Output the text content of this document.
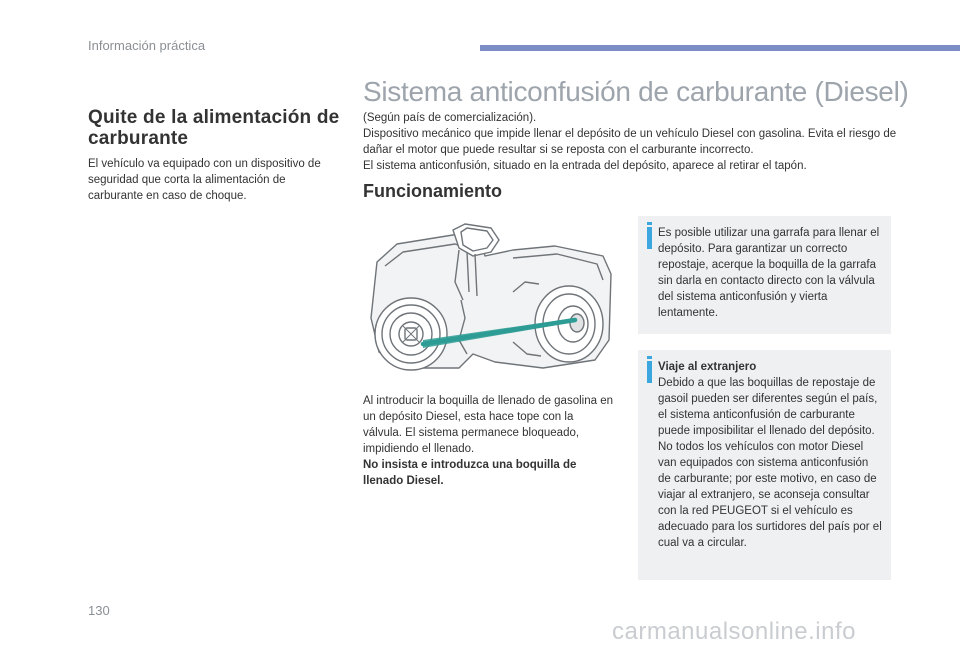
Información práctica
Quite de la alimentación de carburante

El vehículo va equipado con un dispositivo de seguridad que corta la alimentación de carburante en caso de choque.

Sistema anticonfusión de carburante (Diesel)

(Según país de comercialización).

Dispositivo mecánico que impide llenar el depósito de un vehículo Diesel con gasolina. Evita el riesgo de dañar el motor que puede resultar si se reposta con el carburante incorrecto.

El sistema anticonfusión, situado en la entrada del depósito, aparece al retirar el tapón.

Funcionamiento
Al introducir la boquilla de llenado de gasolina en un depósito Diesel, esta hace tope con la válvula. El sistema permanece bloqueado, impidiendo el llenado.
No insista e introduzca una boquilla de llenado Diesel.
Es posible utilizar una garrafa para llenar el depósito. Para garantizar un correcto repostaje, acerque la boquilla de la garrafa sin darla en contacto directo con la válvula del sistema anticonfusión y vierta lentamente.
Viaje al extranjero
Debido a que las boquillas de repostaje de gasoil pueden ser diferentes según el país, el sistema anticonfusión de carburante puede imposibilitar el llenado del depósito. No todos los vehículos con motor Diesel van equipados con sistema anticonfusión de carburante; por este motivo, en caso de viajar al extranjero, se aconseja consultar con la red PEUGEOT si el vehículo es adecuado para los surtidores del país por el cual va a circular.
130
carmanualsonline.info
